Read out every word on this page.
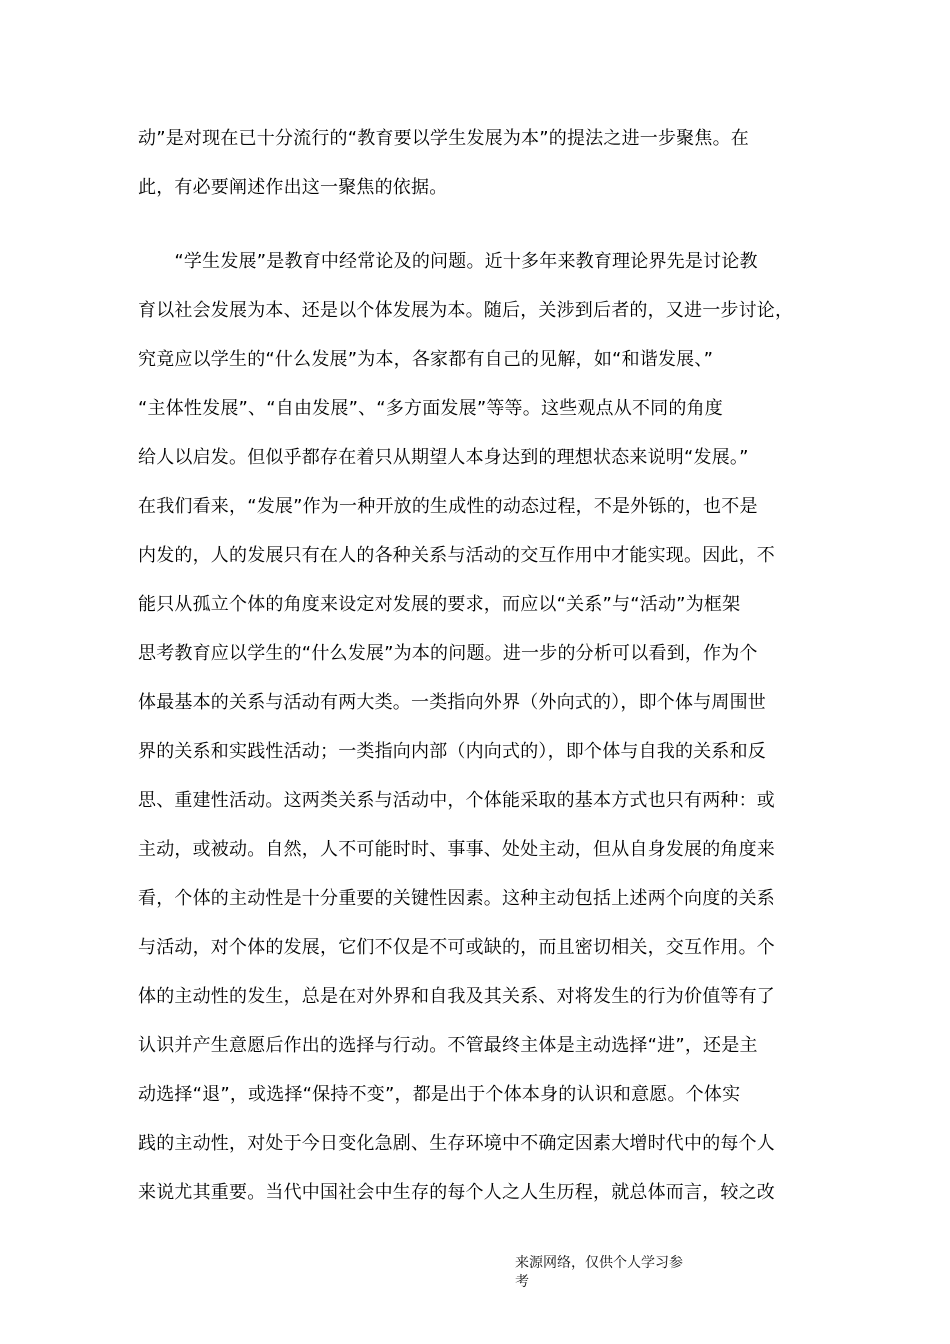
动”是对现在已十分流行的“教育要以学生发展为本”的提法之进一步聚焦。在
此，有必要阐述作出这一聚焦的依据。
　　“学生发展”是教育中经常论及的问题。近十多年来教育理论界先是讨论教
育以社会发展为本、还是以个体发展为本。随后，关涉到后者的，又进一步讨论，
究竟应以学生的“什么发展”为本，各家都有自己的见解，如“和谐发展、”
“主体性发展”、“自由发展”、“多方面发展”等等。这些观点从不同的角度
给人以启发。但似乎都存在着只从期望人本身达到的理想状态来说明“发展。”
在我们看来，“发展”作为一种开放的生成性的动态过程，不是外铄的，也不是
内发的，人的发展只有在人的各种关系与活动的交互作用中才能实现。因此，不
能只从孤立个体的角度来设定对发展的要求，而应以“关系”与“活动”为框架
思考教育应以学生的“什么发展”为本的问题。进一步的分析可以看到，作为个
体最基本的关系与活动有两大类。一类指向外界（外向式的），即个体与周围世
界的关系和实践性活动；一类指向内部（内向式的），即个体与自我的关系和反
思、重建性活动。这两类关系与活动中，个体能采取的基本方式也只有两种：或
主动，或被动。自然，人不可能时时、事事、处处主动，但从自身发展的角度来
看，个体的主动性是十分重要的关键性因素。这种主动包括上述两个向度的关系
与活动，对个体的发展，它们不仅是不可或缺的，而且密切相关，交互作用。个
体的主动性的发生，总是在对外界和自我及其关系、对将发生的行为价值等有了
认识并产生意愿后作出的选择与行动。不管最终主体是主动选择“进”，还是主
动选择“退”，或选择“保持不变”，都是出于个体本身的认识和意愿。个体实
践的主动性，对处于今日变化急剧、生存环境中不确定因素大增时代中的每个人
来说尤其重要。当代中国社会中生存的每个人之人生历程，就总体而言，较之改
来源网络，仅供个人学习参
考
